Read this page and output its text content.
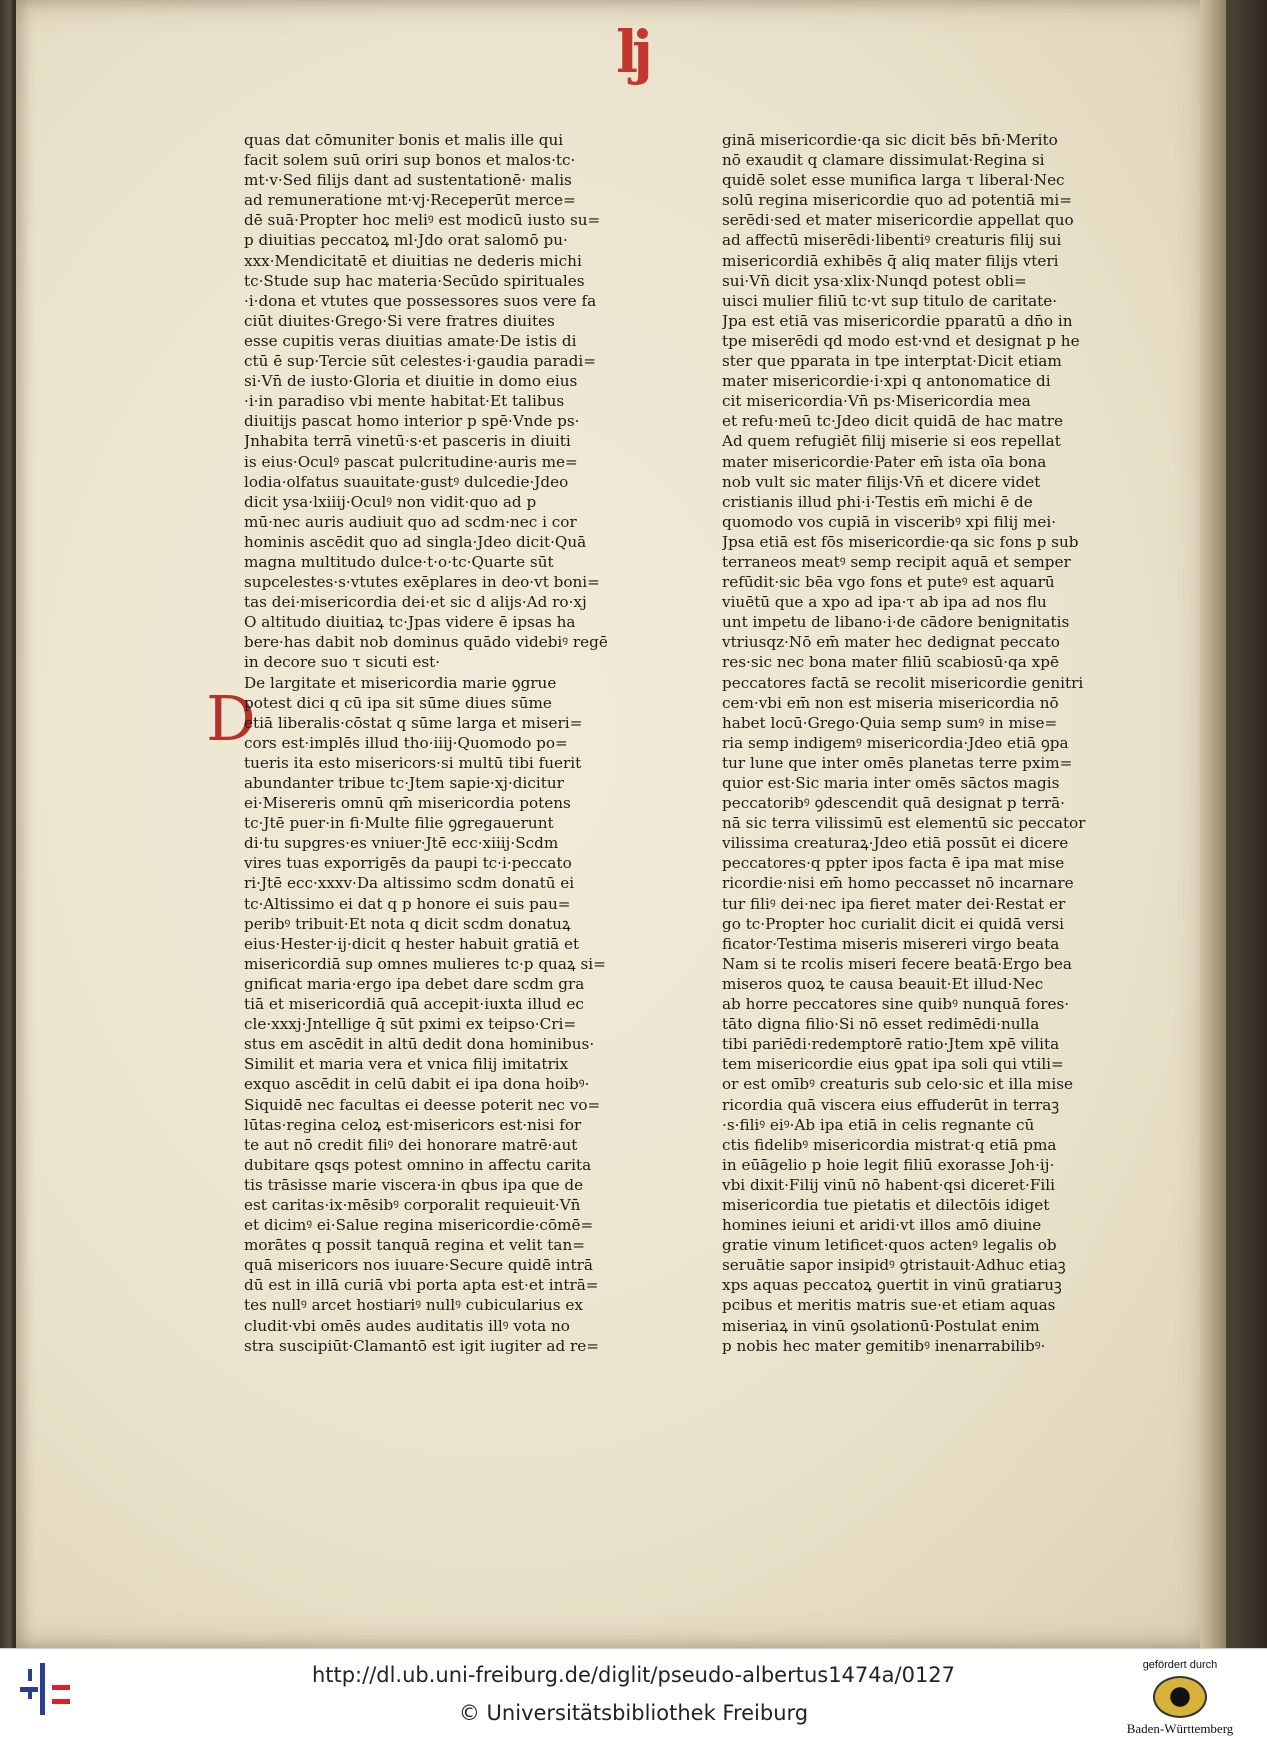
lj
D

quas dat cōmuniter bonis et malis ille qui

facit solem suū oriri sup bonos et malos·tc·

mt·v·Sed filijs dant ad sustentationē· malis

ad remuneratione mt·vj·Receperūt merce=

dē suā·Propter hoc meliꝰ est modicū iusto su=

p diuitias peccatoꝝ ml·Jdo orat salomō pu·

xxx·Mendicitatē et diuitias ne dederis michi

tc·Stude sup hac materia·Secūdo spirituales

·i·dona et vtutes que possessores suos vere fa

ciūt diuites·Grego·Si vere fratres diuites

esse cupitis veras diuitias amate·De istis di

ctū ē sup·Tercie sūt celestes·i·gaudia paradi=

si·Vn̄ de iusto·Gloria et diuitie in domo eius

·i·in paradiso vbi mente habitat·Et talibus

diuitijs pascat homo interior p spē·Vnde ps·

Jnhabita terrā vinetū·s·et pasceris in diuiti

is eius·Oculꝰ pascat pulcritudine·auris me=

lodia·olfatus suauitate·gustꝰ dulcedie·Jdeo

dicit ysa·lxiiij·Oculꝰ non vidit·quo ad p

mū·nec auris audiuit quo ad scdm·nec i cor

hominis ascēdit quo ad singla·Jdeo dicit·Quā

magna multitudo dulce·t·o·tc·Quarte sūt

supcelestes·s·vtutes exēplares in deo·vt boni=

tas dei·misericordia dei·et sic d alijs·Ad ro·xj

O altitudo diuitiaꝝ tc·Jpas videre ē ipsas ha

bere·has dabit nob dominus quādo videbiꝰ regē

in decore suo τ sicuti est·

De largitate et misericordia marie ꝯgrue

potest dici q cū ipa sit sūme diues sūme

etiā liberalis·cōstat q sūme larga et miseri=

cors est·implēs illud tho·iiij·Quomodo po=

tueris ita esto misericors·si multū tibi fuerit

abundanter tribue tc·Jtem sapie·xj·dicitur

ei·Misereris omnū qm̄ misericordia potens

tc·Jtē puer·in fi·Multe filie ꝯgregauerunt

di·tu supgres·es vniuer·Jtē ecc·xiiij·Scdm

vires tuas exporrigēs da paupi tc·i·peccato

ri·Jtē ecc·xxxv·Da altissimo scdm donatū ei

tc·Altissimo ei dat q p honore ei suis pau=

peribꝰ tribuit·Et nota q dicit scdm donatuꝝ

eius·Hester·ij·dicit q hester habuit gratiā et

misericordiā sup omnes mulieres tc·p quaꝝ si=

gnificat maria·ergo ipa debet dare scdm gra

tiā et misericordiā quā accepit·iuxta illud ec

cle·xxxj·Jntellige q̄ sūt pximi ex teipso·Cri=

stus em ascēdit in altū dedit dona hominibus·

Similit et maria vera et vnica filij imitatrix

exquo ascēdit in celū dabit ei ipa dona hoibꝰ·

Siquidē nec facultas ei deesse poterit nec vo=

lūtas·regina celoꝝ est·misericors est·nisi for

te aut nō credit filiꝰ dei honorare matrē·aut

dubitare qsqs potest omnino in affectu carita

tis trāsisse marie viscera·in qbus ipa que de

est caritas·ix·mēsibꝰ corporalit requieuit·Vn̄

et dicimꝰ ei·Salue regina misericordie·cōmē=

morātes q possit tanquā regina et velit tan=

quā misericors nos iuuare·Secure quidē intrā

dū est in illā curiā vbi porta apta est·et intrā=

tes nullꝰ arcet hostiariꝰ nullꝰ cubicularius ex

cludit·vbi omēs audes auditatis illꝰ vota no

stra suscipiūt·Clamantō est igit iugiter ad re=

ginā misericordie·qa sic dicit bēs bn̄·Merito

nō exaudit q clamare dissimulat·Regina si

quidē solet esse munifica larga τ liberal·Nec

solū regina misericordie quo ad potentiā mi=

serēdi·sed et mater misericordie appellat quo

ad affectū miserēdi·libentiꝰ creaturis filij sui

misericordiā exhibēs q̄ aliq mater filijs vteri

sui·Vn̄ dicit ysa·xlix·Nunqd potest obli=

uisci mulier filiū tc·vt sup titulo de caritate·

Jpa est etiā vas misericordie pparatū a dn̄o in

tpe miserēdi qd modo est·vnd et designat p he

ster que pparata in tpe interptat·Dicit etiam

mater misericordie·i·xpi q antonomatice di

cit misericordia·Vn̄ ps·Misericordia mea

et refu·meū tc·Jdeo dicit quidā de hac matre

Ad quem refugiēt filij miserie si eos repellat

mater misericordie·Pater em̄ ista oīa bona

nob vult sic mater filijs·Vn̄ et dicere videt

cristianis illud phi·i·Testis em̄ michi ē de

quomodo vos cupiā in visceribꝰ xpi filij mei·

Jpsa etiā est fōs misericordie·qa sic fons p sub

terraneos meatꝰ semp recipit aquā et semper

refūdit·sic bēa vgo fons et puteꝰ est aquarū

viuētū que a xpo ad ipa·τ ab ipa ad nos flu

unt impetu de libano·i·de cādore benignitatis

vtriusqz·Nō em̄ mater hec dedignat peccato

res·sic nec bona mater filiū scabiosū·qa xpē

peccatores factā se recolit misericordie genitri

cem·vbi em̄ non est miseria misericordia nō

habet locū·Grego·Quia semp sumꝰ in mise=

ria semp indigemꝰ misericordia·Jdeo etiā ꝯpa

tur lune que inter omēs planetas terre pxim=

quior est·Sic maria inter omēs sāctos magis

peccatoribꝰ ꝯdescendit quā designat p terrā·

nā sic terra vilissimū est elementū sic peccator

vilissima creaturaꝝ·Jdeo etiā possūt ei dicere

peccatores·q ppter ipos facta ē ipa mat mise

ricordie·nisi em̄ homo peccasset nō incarnare

tur filiꝰ dei·nec ipa fieret mater dei·Restat er

go tc·Propter hoc curialit dicit ei quidā versi

ficator·Testima miseris misereri virgo beata

Nam si te rcolis miseri fecere beatā·Ergo bea

miseros quoꝝ te causa beauit·Et illud·Nec

ab horre peccatores sine quibꝰ nunquā fores·

tāto digna filio·Si nō esset redimēdi·nulla

tibi pariēdi·redemptorē ratio·Jtem xpē vilita

tem misericordie eius ꝯpat ipa soli qui vtili=

or est omībꝰ creaturis sub celo·sic et illa mise

ricordia quā viscera eius effuderūt in terraꝫ

·s·filiꝰ eiꝰ·Ab ipa etiā in celis regnante cū

ctis fidelibꝰ misericordia mistrat·q etiā pma

in eūāgelio p hoie legit filiū exorasse Joh·ij·

vbi dixit·Filij vinū nō habent·qsi diceret·Fili

misericordia tue pietatis et dilectōis idiget

homines ieiuni et aridi·vt illos amō diuine

gratie vinum letificet·quos actenꝰ legalis ob

seruātie sapor insipidꝰ ꝯtristauit·Adhuc etiaꝫ

xps aquas peccatoꝝ ꝯuertit in vinū gratiaruꝫ

pcibus et meritis matris sue·et etiam aquas

miseriaꝝ in vinū ꝯsolationū·Postulat enim

p nobis hec mater gemitibꝰ inenarrabilibꝰ·

http://dl.ub.uni-freiburg.de/diglit/pseudo-albertus1474a/0127
© Universitätsbibliothek Freiburg
gefördert durch
Baden-Württemberg
